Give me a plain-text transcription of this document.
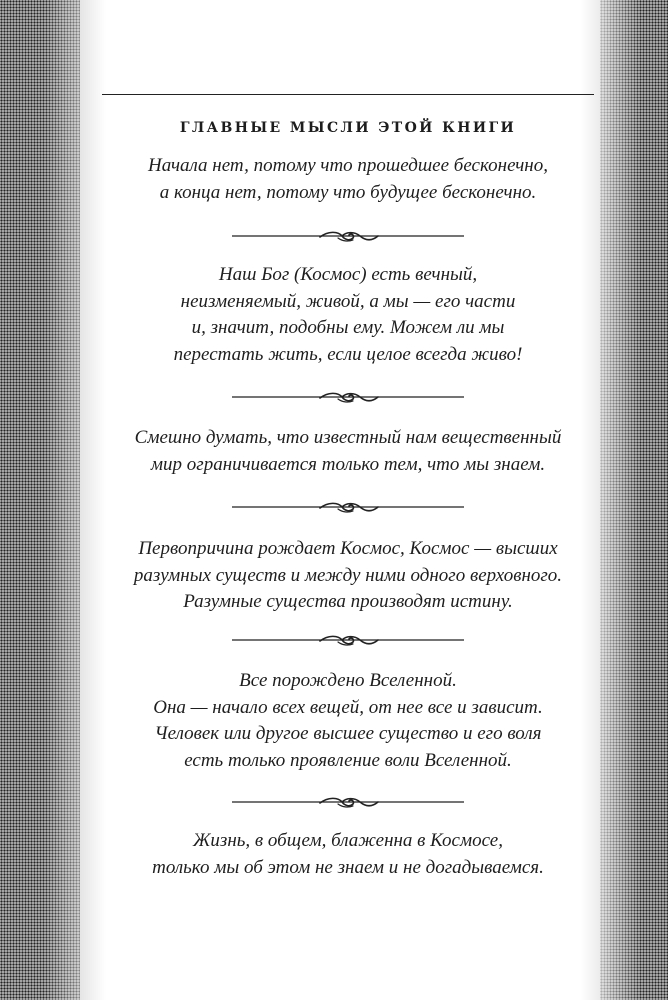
ГЛАВНЫЕ МЫСЛИ ЭТОЙ КНИГИ

Начала нет, потому что прошедшее бесконечно,
а конца нет, потому что будущее бесконечно.

Наш Бог (Космос) есть вечный,
неизменяемый, живой, а мы — его части
и, значит, подобны ему. Можем ли мы
перестать жить, если целое всегда живо!

Смешно думать, что известный нам вещественный
мир ограничивается только тем, что мы знаем.

Первопричина рождает Космос, Космос — высших
разумных существ и между ними одного верховного.
Разумные существа производят истину.

Все порождено Вселенной.
Она — начало всех вещей, от нее все и зависит.
Человек или другое высшее существо и его воля
есть только проявление воли Вселенной.

Жизнь, в общем, блаженна в Космосе,
только мы об этом не знаем и не догадываемся.
